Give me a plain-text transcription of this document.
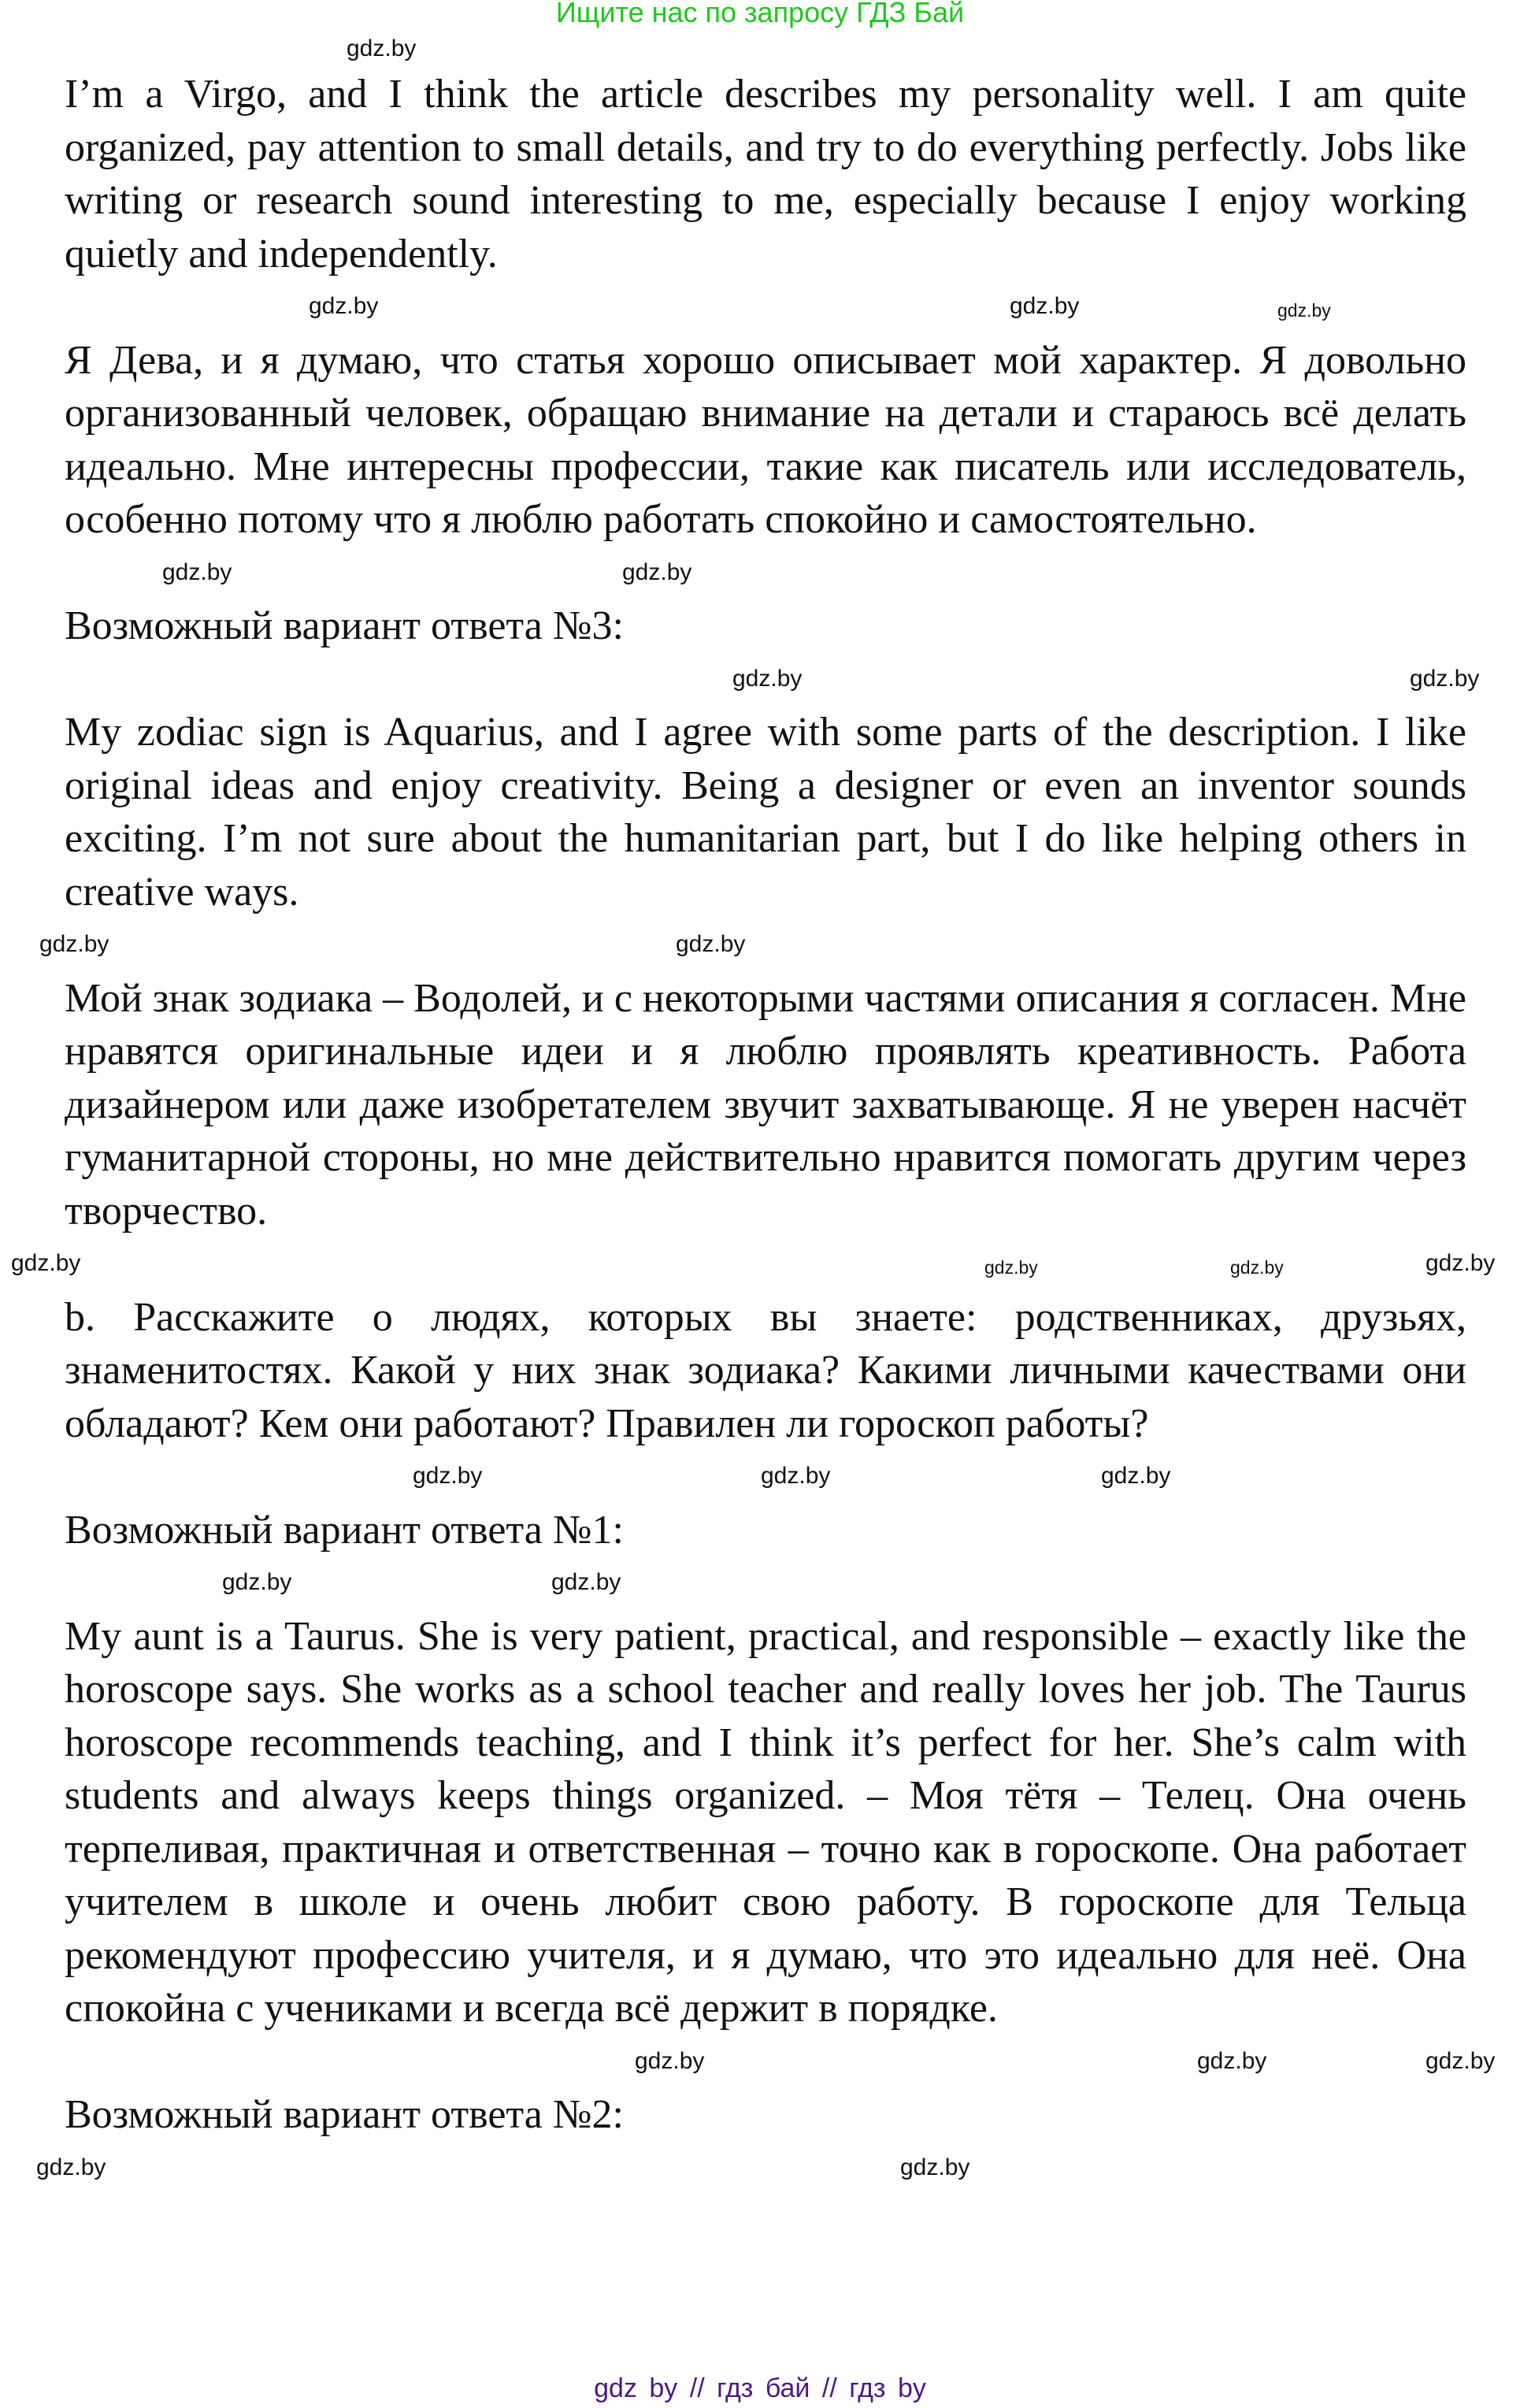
Ищите нас по запросу ГДЗ Бай
gdz.by

I’m a Virgo, and I think the article describes my personality well. I am quite organized, pay attention to small details, and try to do everything perfectly. Jobs like writing or research sound interesting to me, especially because I enjoy working quietly and independently.

gdz.by	gdz.by	gdz.by

Я Дева, и я думаю, что статья хорошо описывает мой характер. Я довольно организованный человек, обращаю внимание на детали и стараюсь всё делать идеально. Мне интересны профессии, такие как писатель или исследователь, особенно потому что я люблю работать спокойно и самостоятельно.

gdz.by	gdz.by

Возможный вариант ответа №3:

gdz.by	gdz.by

My zodiac sign is Aquarius, and I agree with some parts of the description. I like original ideas and enjoy creativity. Being a designer or even an inventor sounds exciting. I’m not sure about the humanitarian part, but I do like helping others in creative ways.

gdz.by	gdz.by

Мой знак зодиака – Водолей, и с некоторыми частями описания я согласен. Мне нравятся оригинальные идеи и я люблю проявлять креативность. Работа дизайнером или даже изобретателем звучит захватывающе. Я не уверен насчёт гуманитарной стороны, но мне действительно нравится помогать другим через творчество.

gdz.by	gdz.by	gdz.by	gdz.by

b. Расскажите о людях, которых вы знаете: родственниках, друзьях, знаменитостях. Какой у них знак зодиака? Какими личными качествами они обладают? Кем они работают? Правилен ли гороскоп работы?

gdz.by	gdz.by	gdz.by

Возможный вариант ответа №1:

gdz.by	gdz.by

My aunt is a Taurus. She is very patient, practical, and responsible – exactly like the horoscope says. She works as a school teacher and really loves her job. The Taurus horoscope recommends teaching, and I think it’s perfect for her. She’s calm with students and always keeps things organized. – Моя тётя – Телец. Она очень терпеливая, практичная и ответственная – точно как в гороскопе. Она работает учителем в школе и очень любит свою работу. В гороскопе для Тельца рекомендуют профессию учителя, и я думаю, что это идеально для неё. Она спокойна с учениками и всегда всё держит в порядке.

gdz.by	gdz.by	gdz.by

Возможный вариант ответа №2:

gdz.by	gdz.by
gdz by // гдз бай // гдз by
